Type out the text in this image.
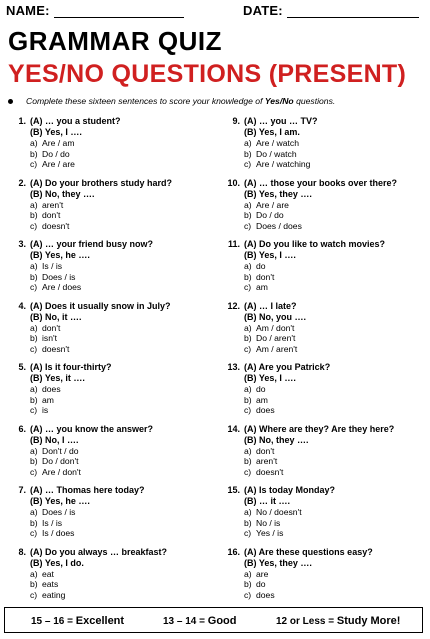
NAME:	DATE:
GRAMMAR QUIZ
YES/NO QUESTIONS (PRESENT)
Complete these sixteen sentences to score your knowledge of Yes/No questions.
1. (A) … you a student?
(B) Yes, I ….
a) Are / am
b) Do / do
c) Are / are
2. (A) Do your brothers study hard?
(B) No, they ….
a) aren't
b) don't
c) doesn't
3. (A) … your friend busy now?
(B) Yes, he ….
a) Is / is
b) Does / is
c) Are / does
4. (A) Does it usually snow in July?
(B) No, it ….
a) don't
b) isn't
c) doesn't
5. (A) Is it four-thirty?
(B) Yes, it ….
a) does
b) am
c) is
6. (A) … you know the answer?
(B) No, I ….
a) Don't / do
b) Do / don't
c) Are / don't
7. (A) … Thomas here today?
(B) Yes, he ….
a) Does / is
b) Is / is
c) Is / does
8. (A) Do you always … breakfast?
(B) Yes, I do.
a) eat
b) eats
c) eating
9. (A) … you … TV?
(B) Yes, I am.
a) Are / watch
b) Do / watch
c) Are / watching
10. (A) … those your books over there?
(B) Yes, they ….
a) Are / are
b) Do / do
c) Does / does
11. (A) Do you like to watch movies?
(B) Yes, I ….
a) do
b) don't
c) am
12. (A) … I late?
(B) No, you ….
a) Am / don't
b) Do / aren't
c) Am / aren't
13. (A) Are you Patrick?
(B) Yes, I ….
a) do
b) am
c) does
14. (A) Where are they? Are they here?
(B) No, they ….
a) don't
b) aren't
c) doesn't
15. (A) Is today Monday?
(B) … it ….
a) No / doesn't
b) No / is
c) Yes / is
16. (A) Are these questions easy?
(B) Yes, they ….
a) are
b) do
c) does
15 – 16 = Excellent	13 – 14 = Good	12 or Less = Study More!
